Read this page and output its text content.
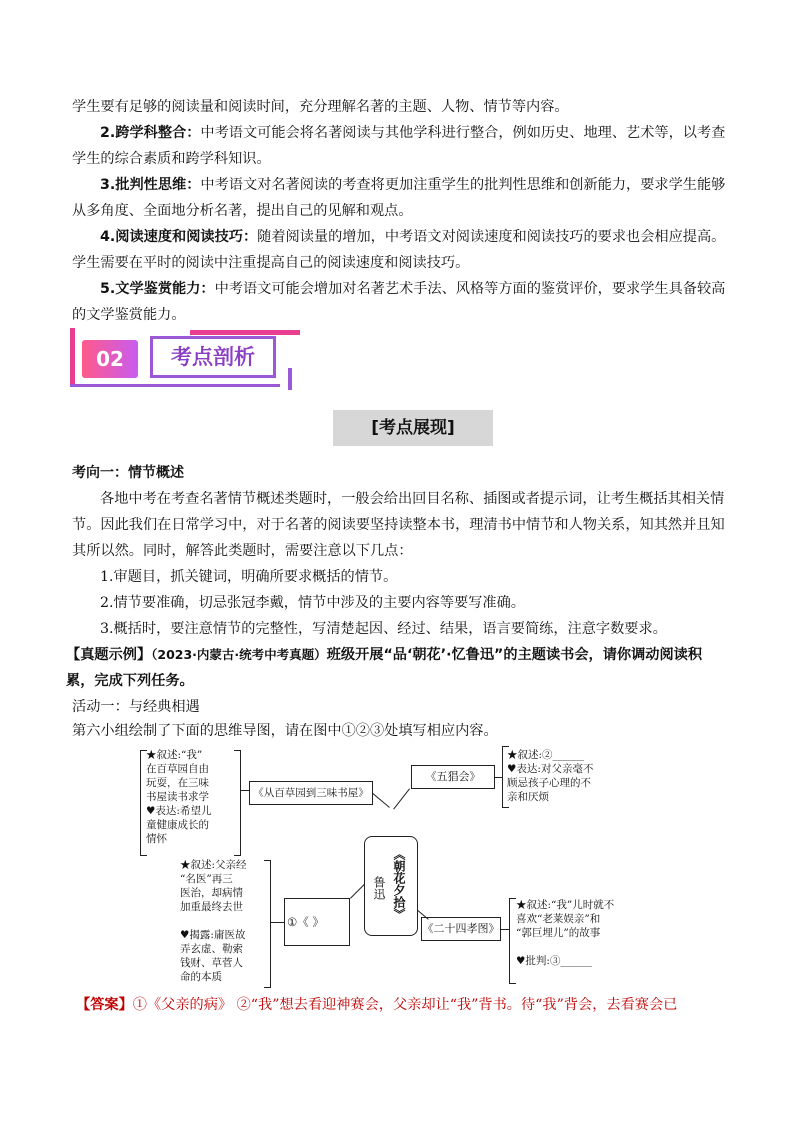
学生要有足够的阅读量和阅读时间，充分理解名著的主题、人物、情节等内容。

2.跨学科整合：中考语文可能会将名著阅读与其他学科进行整合，例如历史、地理、艺术等，以考查学生的综合素质和跨学科知识。

3.批判性思维：中考语文对名著阅读的考查将更加注重学生的批判性思维和创新能力，要求学生能够从多角度、全面地分析名著，提出自己的见解和观点。

4.阅读速度和阅读技巧：随着阅读量的增加，中考语文对阅读速度和阅读技巧的要求也会相应提高。学生需要在平时的阅读中注重提高自己的阅读速度和阅读技巧。

5.文学鉴赏能力：中考语文可能会增加对名著艺术手法、风格等方面的鉴赏评价，要求学生具备较高的文学鉴赏能力。

02	考点剖析
[考点展现]

考向一：情节概述

各地中考在考查名著情节概述类题时，一般会给出回目名称、插图或者提示词，让考生概括其相关情节。因此我们在日常学习中，对于名著的阅读要坚持读整本书，理清书中情节和人物关系，知其然并且知其所以然。同时，解答此类题时，需要注意以下几点：

1.审题目，抓关键词，明确所要求概括的情节。

2.情节要准确，切忌张冠李戴，情节中涉及的主要内容等要写准确。

3.概括时，要注意情节的完整性，写清楚起因、经过、结果，语言要简练，注意字数要求。

【真题示例】（2023·内蒙古·统考中考真题）班级开展“品‘朝花’·忆鲁迅”的主题读书会，请你调动阅读积累，完成下列任务。

活动一：与经典相遇

第六小组绘制了下面的思维导图，请在图中①②③处填写相应内容。

★叙述:“我”
在百草园自由
玩耍，在三味
书屋读书求学
♥表达:希望儿
童健康成长的
情怀
《从百草园到三味书屋》
《五猖会》
★叙述:②______
♥表达:对父亲毫不
顾忌孩子心理的不
亲和厌烦
《朝花夕拾》
鲁迅
★叙述:父亲经
“名医”再三
医治，却病情
加重最终去世

♥揭露:庸医故
弄玄虚、勒索
钱财、草菅人
命的本质
①《 》	《二十四孝图》
★叙述:“我”儿时就不
喜欢“老莱娱亲”和
“郭巨埋儿”的故事

♥批判:③______

【答案】①《父亲的病》 ②“我”想去看迎神赛会，父亲却让“我”背书。待“我”背会，去看赛会已
